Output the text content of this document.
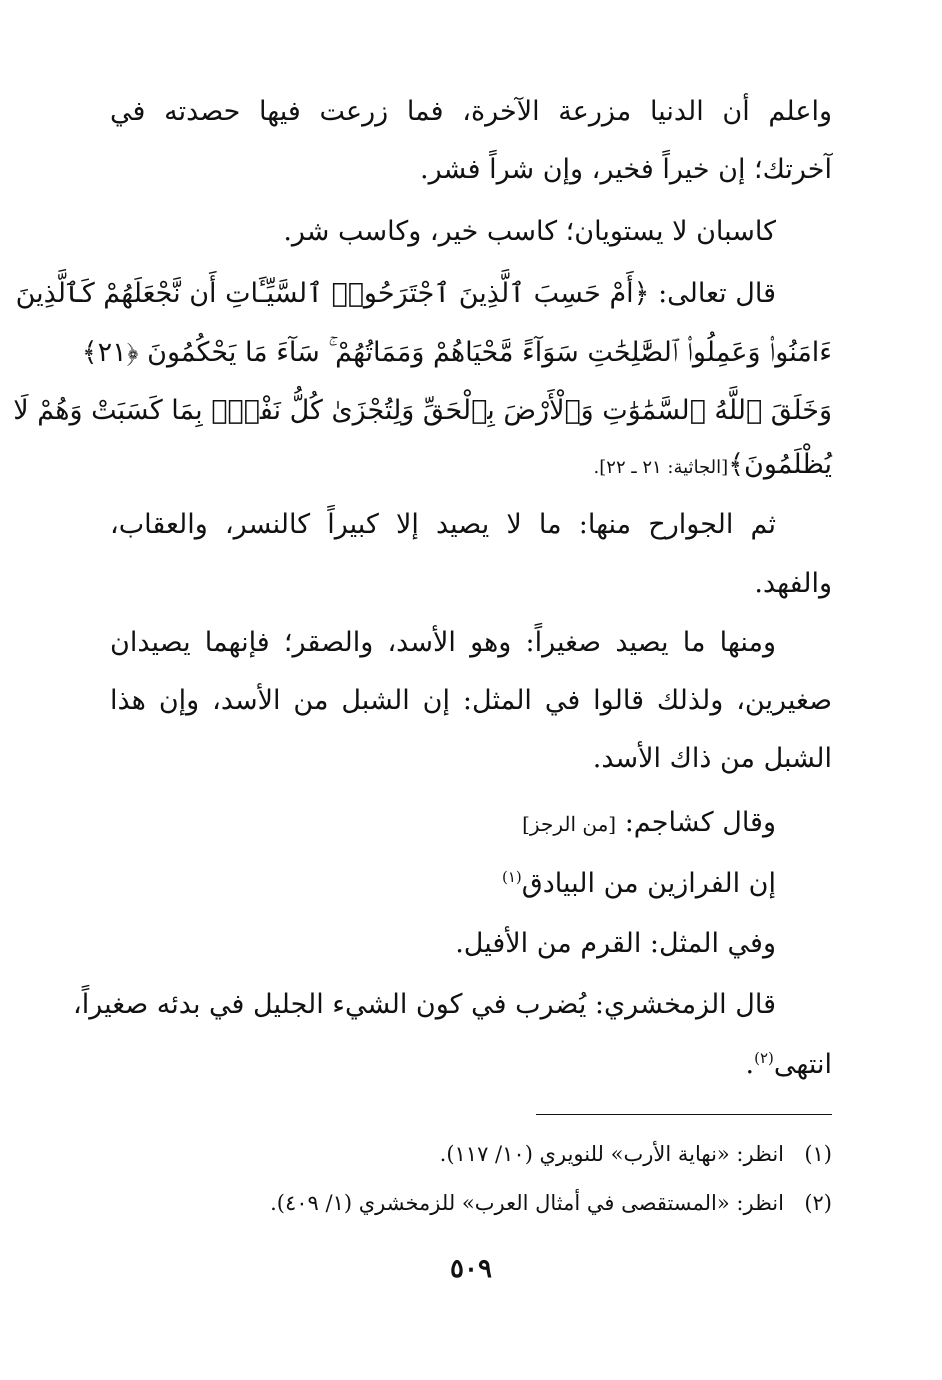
واعلم أن الدنيا مزرعة الآخرة، فما زرعت فيها حصدته في
آخرتك؛ إن خيراً فخير، وإن شراً فشر.
كاسبان لا يستويان؛ كاسب خير، وكاسب شر.
قال تعالى: ﴿أَمْ حَسِبَ ٱلَّذِينَ ٱجْتَرَحُوا۟ ٱلسَّيِّـَٔاتِ أَن نَّجْعَلَهُمْ كَٱلَّذِينَ
ءَامَنُوا۟ وَعَمِلُوا۟ ٱلصَّٰلِحَٰتِ سَوَآءً مَّحْيَاهُمْ وَمَمَاتُهُمْ ۚ سَآءَ مَا يَحْكُمُونَ ﴿٢١﴾
وَخَلَقَ ٱللَّهُ ٱلسَّمَٰوَٰتِ وَٱلْأَرْضَ بِٱلْحَقِّ وَلِتُجْزَىٰ كُلُّ نَفْسٍۭ بِمَا كَسَبَتْ وَهُمْ لَا
يُظْلَمُونَ﴾[الجاثية: ٢١ ـ ٢٢].
ثم الجوارح منها: ما لا يصيد إلا كبيراً كالنسر، والعقاب،
والفهد.
ومنها ما يصيد صغيراً: وهو الأسد، والصقر؛ فإنهما يصيدان
صغيرين، ولذلك قالوا في المثل: إن الشبل من الأسد، وإن هذا
الشبل من ذاك الأسد.
وقال كشاجم: [من الرجز]
إن الفرازين من البيادق$^{(١)}$
وفي المثل: القرم من الأفيل.
قال الزمخشري: يُضرب في كون الشيء الجليل في بدئه صغيراً،
انتهى$^{(٢)}$.
(١)انظر: «نهاية الأرب» للنويري (١٠/ ١١٧).
(٢)انظر: «المستقصى في أمثال العرب» للزمخشري (١/ ٤٠٩).
٥٠٩
